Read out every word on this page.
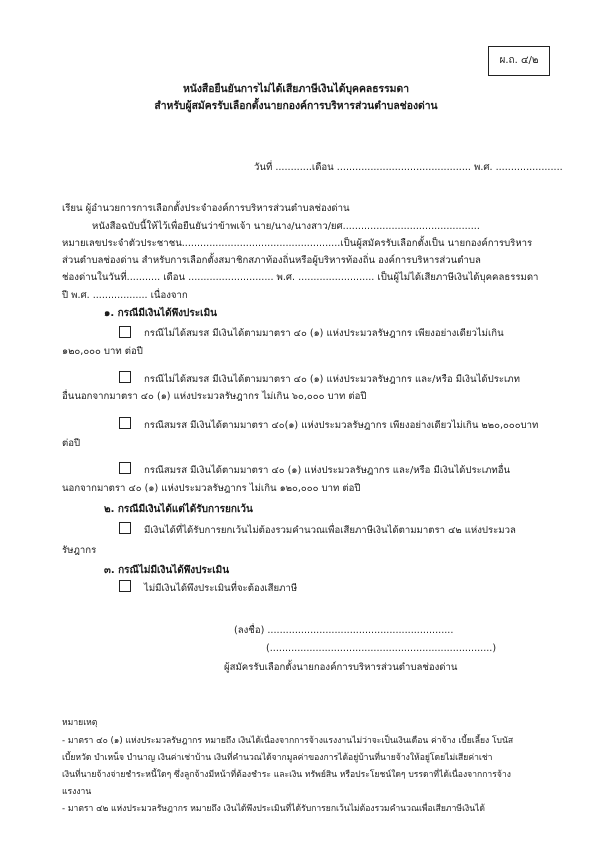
ผ.ถ. ๔/๒
หนังสือยืนยันการไม่ได้เสียภาษีเงินได้บุคคลธรรมดา
สำหรับผู้สมัครรับเลือกตั้งนายกองค์การบริหารส่วนตำบลช่องด่าน
วันที่ ............เดือน ............................................ พ.ศ. ......................
เรียน ผู้อำนวยการการเลือกตั้งประจำองค์การบริหารส่วนตำบลช่องด่าน
หนังสือฉบับนี้ให้ไว้เพื่อยืนยันว่าข้าพเจ้า นาย/นาง/นางสาว/ยศ.............................................
หมายเลขประจำตัวประชาชน....................................................เป็นผู้สมัครรับเลือกตั้งเป็น นายกองค์การบริหาร
ส่วนตำบลช่องด่าน สำหรับการเลือกตั้งสมาชิกสภาท้องถิ่นหรือผู้บริหารท้องถิ่น องค์การบริหารส่วนตำบล
ช่องด่านในวันที่........... เดือน ............................ พ.ศ. ......................... เป็นผู้ไม่ได้เสียภาษีเงินได้บุคคลธรรมดา
ปี พ.ศ. .................. เนื่องจาก
๑. กรณีมีเงินได้พึงประเมิน
กรณีไม่ได้สมรส มีเงินได้ตามมาตรา ๔๐ (๑) แห่งประมวลรัษฎากร เพียงอย่างเดียวไม่เกิน
๑๒๐,๐๐๐ บาท ต่อปี
กรณีไม่ได้สมรส มีเงินได้ตามมาตรา ๔๐ (๑) แห่งประมวลรัษฎากร และ/หรือ มีเงินได้ประเภท
อื่นนอกจากมาตรา ๔๐ (๑) แห่งประมวลรัษฎากร ไม่เกิน ๖๐,๐๐๐ บาท ต่อปี
กรณีสมรส มีเงินได้ตามมาตรา ๔๐(๑) แห่งประมวลรัษฎากร เพียงอย่างเดียวไม่เกิน ๒๒๐,๐๐๐บาท
ต่อปี
กรณีสมรส มีเงินได้ตามมาตรา ๔๐ (๑) แห่งประมวลรัษฎากร และ/หรือ มีเงินได้ประเภทอื่น
นอกจากมาตรา ๔๐ (๑) แห่งประมวลรัษฎากร ไม่เกิน ๑๒๐,๐๐๐ บาท ต่อปี
๒. กรณีมีเงินได้แต่ได้รับการยกเว้น
มีเงินได้ที่ได้รับการยกเว้นไม่ต้องรวมคำนวณเพื่อเสียภาษีเงินได้ตามมาตรา ๔๒ แห่งประมวล
รัษฎากร
๓. กรณีไม่มีเงินได้พึงประเมิน
ไม่มีเงินได้พึงประเมินที่จะต้องเสียภาษี
(ลงชื่อ) .............................................................
(.........................................................................)
ผู้สมัครรับเลือกตั้งนายกองค์การบริหารส่วนตำบลช่องด่าน
หมายเหตุ
- มาตรา ๔๐ (๑) แห่งประมวลรัษฎากร หมายถึง เงินได้เนื่องจากการจ้างแรงงานไม่ว่าจะเป็นเงินเดือน ค่าจ้าง เบี้ยเลี้ยง โบนัส
เบี้ยหวัด บำเหน็จ บำนาญ เงินค่าเช่าบ้าน เงินที่คำนวณได้จากมูลค่าของการได้อยู่บ้านที่นายจ้างให้อยู่โดยไม่เสียค่าเช่า
เงินที่นายจ้างจ่ายชำระหนี้ใดๆ ซึ่งลูกจ้างมีหน้าที่ต้องชำระ และเงิน ทรัพย์สิน หรือประโยชน์ใดๆ บรรดาที่ได้เนื่องจากการจ้าง
แรงงาน
- มาตรา ๔๒ แห่งประมวลรัษฎากร หมายถึง เงินได้พึงประเมินที่ได้รับการยกเว้นไม่ต้องรวมคำนวณเพื่อเสียภาษีเงินได้
